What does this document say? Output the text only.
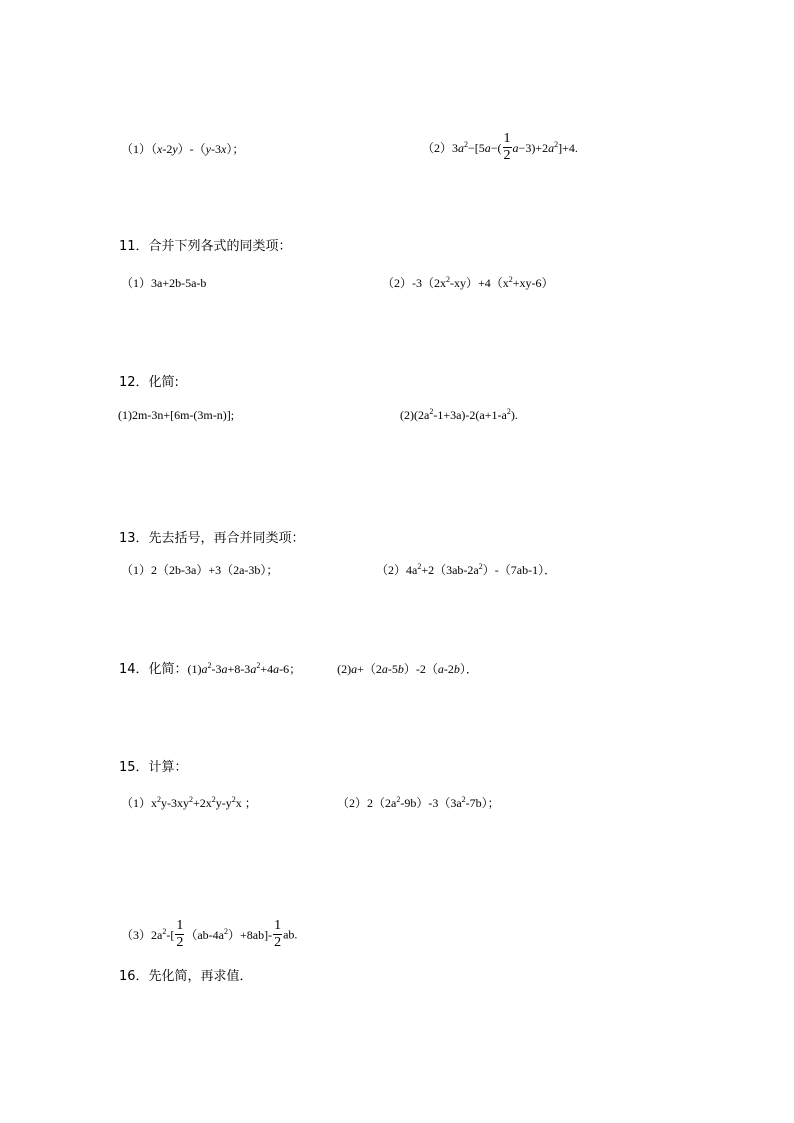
（1）（x-2y）-（y-3x）；	$(2)3a^2-[5a-( \frac{1}{2} a-3)+2a^2]+4$.
11．合并下列各式的同类项：
（1）3a+2b-5a-b	$(2)-3(2x^2-xy)+4(x^2+xy-6)$
12．化简:
(1)2m-3n+[6m-(3m-n)];	$(2)(2a^2-1+3a)-2(a+1-a^2)$.
13．先去括号，再合并同类项：
（1）2（2b-3a）+3（2a-3b）；	$(2)4a^2+2(3ab-2a^2)-(7ab-1)$．
14．化简：$(1)a^2-3a+8-3a^2+4a-6$；	(2)a+（2a-5b）-2（a-2b）．
15．计算：
$(1)x^2y-3xy^2+2x^2y-y^2x$ ；	$(2)2(2a^2-9b)-3(3a^2-7b)$；
$(3)2a^2-[ \frac{1}{2} (ab-4a^2)+8ab]- \frac{1}{2}$ ab.
16．先化简，再求值．
